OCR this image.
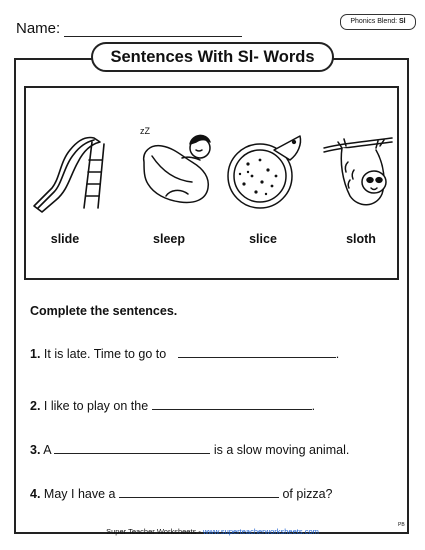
Name:	Phonics Blend: Sl
Sentences With Sl- Words
zZ
slide	sleep	slice	sloth
Complete the sentences.
1. It is late. Time to go to	.
2. I like to play on the	.
3. A	is a slow moving animal.
4. May I have a	of pizza?
Super Teacher Worksheets - www.superteacherworksheets.com
PB
